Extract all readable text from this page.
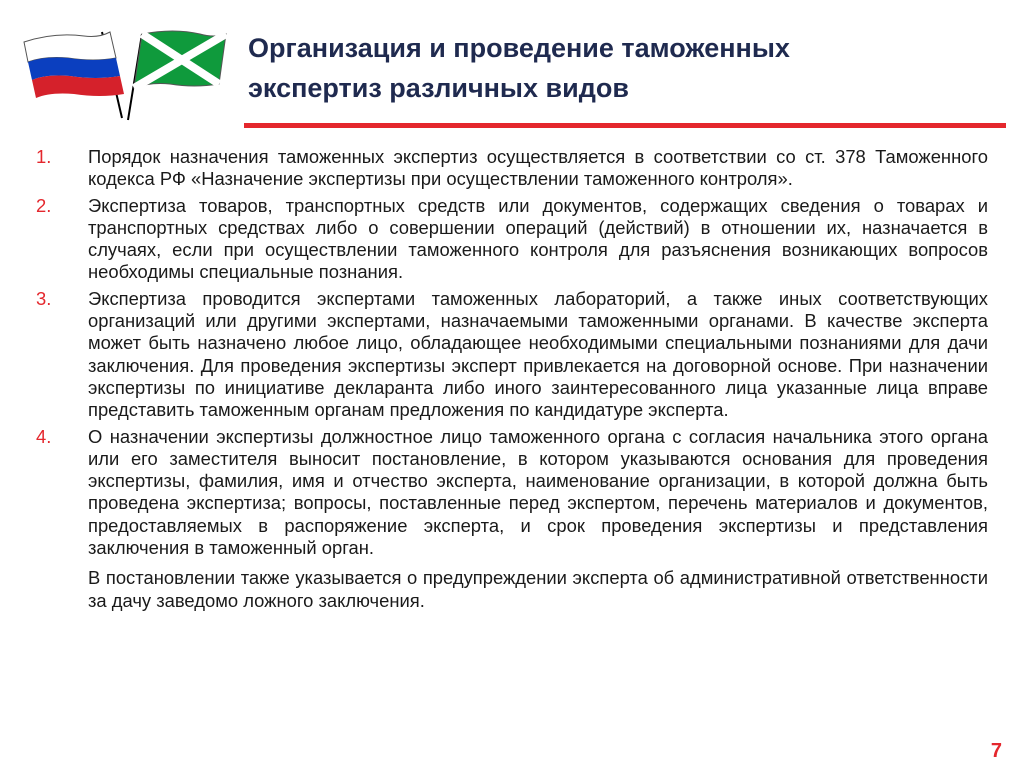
Организация и проведение таможенных
экспертиз различных видов
1.	Порядок назначения таможенных экспертиз осуществляется в соответствии со ст. 378 Таможенного кодекса РФ «Назначение экспертизы при осуществлении таможенного контроля».
2.	Экспертиза товаров, транспортных средств или документов, содержащих сведения о товарах и транспортных средствах либо о совершении операций (действий) в отношении их, назначается в случаях, если при осуществлении таможенного контроля для разъяснения возникающих вопросов необходимы специальные познания.
3.	Экспертиза проводится экспертами таможенных лабораторий, а также иных соответствующих организаций или другими экспертами, назначаемыми таможенными органами. В качестве эксперта может быть назначено любое лицо, обладающее необходимыми специальными познаниями для дачи заключения. Для проведения экспертизы эксперт привлекается на договорной основе. При назначении экспертизы по инициативе декларанта либо иного заинтересованного лица указанные лица вправе представить таможенным органам предложения по кандидатуре эксперта.
4.	О назначении экспертизы должностное лицо таможенного органа с согласия начальника этого органа или его заместителя выносит постановление, в котором указываются основания для проведения экспертизы, фамилия, имя и отчество эксперта, наименование организации, в которой должна быть проведена экспертиза; вопросы, поставленные перед экспертом, перечень материалов и документов, предоставляемых в распоряжение эксперта, и срок проведения экспертизы и представления заключения в таможенный орган.
В постановлении также указывается о предупреждении эксперта об административной ответственности за дачу заведомо ложного заключения.
7
